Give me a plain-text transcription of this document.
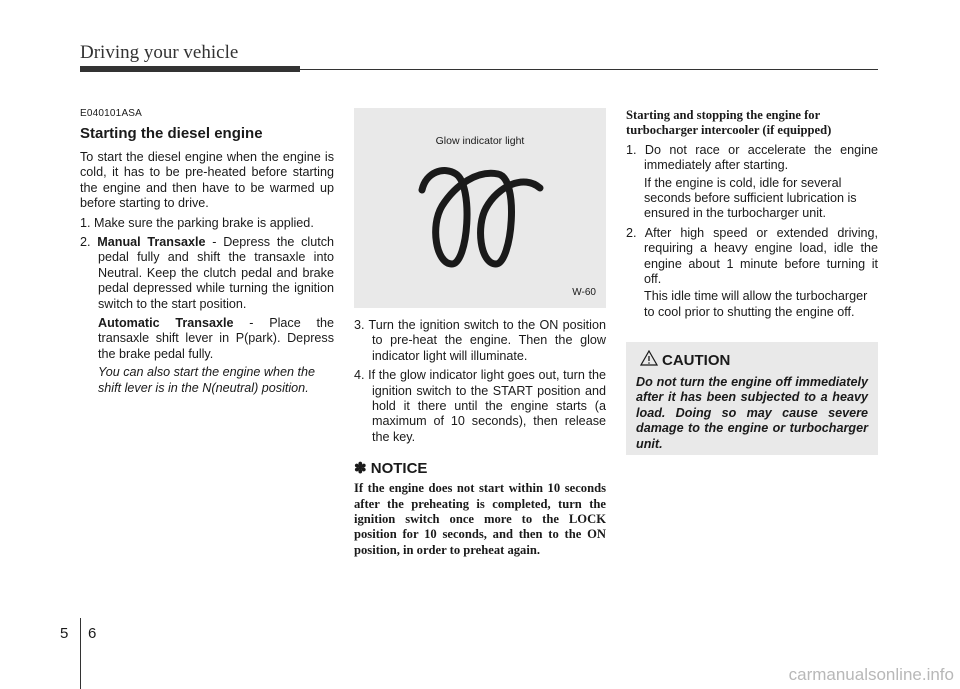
Driving your vehicle
E040101ASA
Starting the diesel engine

To start the diesel engine when the engine is cold, it has to be pre-heated before starting the engine and then have to be warmed up before starting to drive.

1. Make sure the parking brake is applied.

2. Manual Transaxle - Depress the clutch pedal fully and shift the transaxle into Neutral. Keep the clutch pedal and brake pedal depressed while turning the ignition switch to the start position.

Automatic Transaxle - Place the transaxle shift lever in P(park). Depress the brake pedal fully.

You can also start the engine when the shift lever is in the N(neutral) position.

Glow indicator light
W-60

3. Turn the ignition switch to the ON position to pre-heat the engine. Then the glow indicator light will illuminate.

4. If the glow indicator light goes out, turn the ignition switch to the START position and hold it there until the engine starts (a maximum of 10 seconds), then release the key.

✽ NOTICE

If the engine does not start within 10 seconds after the preheating is completed, turn the ignition switch once more to the LOCK position for 10 seconds, and then to the ON position, in order to preheat again.

Starting and stopping the engine for turbocharger intercooler (if equipped)

1. Do not race or accelerate the engine immediately after starting.

If the engine is cold, idle for several seconds before sufficient lubrication is ensured in the turbocharger unit.

2. After high speed or extended driving, requiring a heavy engine load, idle the engine about 1 minute before turning it off.

This idle time will allow the turbocharger to cool prior to shutting the engine off.

CAUTION

Do not turn the engine off immediately after it has been subjected to a heavy load. Doing so may cause severe damage to the engine or turbocharger unit.

5 6
carmanualsonline.info
